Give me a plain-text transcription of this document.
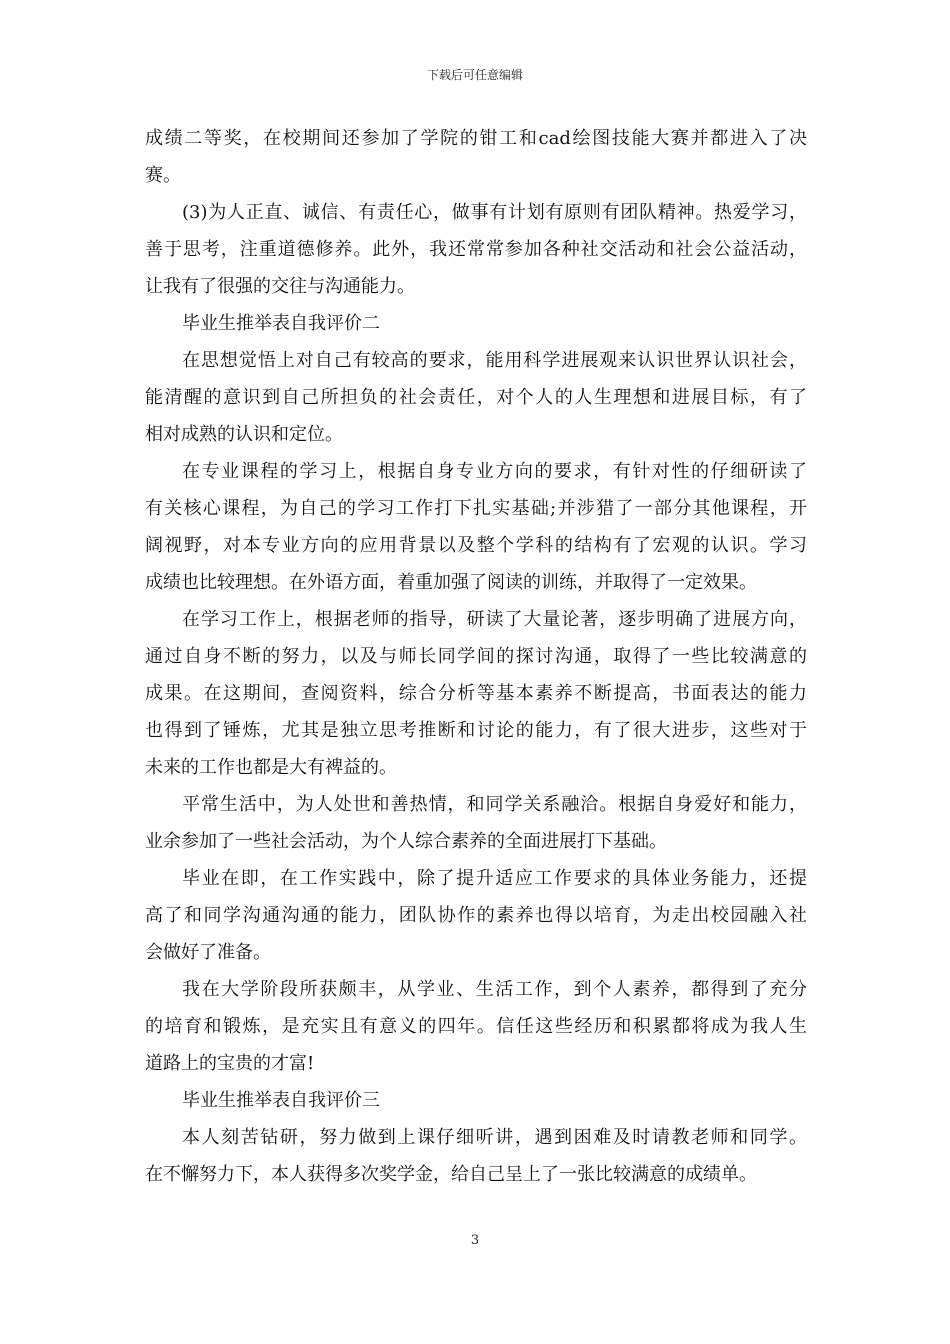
下载后可任意编辑
成绩二等奖，在校期间还参加了学院的钳工和cad绘图技能大赛并都进入了决
赛。
(3)为人正直、诚信、有责任心，做事有计划有原则有团队精神。热爱学习，
善于思考，注重道德修养。此外，我还常常参加各种社交活动和社会公益活动，
让我有了很强的交往与沟通能力。
毕业生推举表自我评价二
在思想觉悟上对自己有较高的要求，能用科学进展观来认识世界认识社会，
能清醒的意识到自己所担负的社会责任，对个人的人生理想和进展目标，有了
相对成熟的认识和定位。
在专业课程的学习上，根据自身专业方向的要求，有针对性的仔细研读了
有关核心课程，为自己的学习工作打下扎实基础;并涉猎了一部分其他课程，开
阔视野，对本专业方向的应用背景以及整个学科的结构有了宏观的认识。学习
成绩也比较理想。在外语方面，着重加强了阅读的训练，并取得了一定效果。
在学习工作上，根据老师的指导，研读了大量论著，逐步明确了进展方向，
通过自身不断的努力，以及与师长同学间的探讨沟通，取得了一些比较满意的
成果。在这期间，查阅资料，综合分析等基本素养不断提高，书面表达的能力
也得到了锤炼，尤其是独立思考推断和讨论的能力，有了很大进步，这些对于
未来的工作也都是大有裨益的。
平常生活中，为人处世和善热情，和同学关系融洽。根据自身爱好和能力，
业余参加了一些社会活动，为个人综合素养的全面进展打下基础。
毕业在即，在工作实践中，除了提升适应工作要求的具体业务能力，还提
高了和同学沟通沟通的能力，团队协作的素养也得以培育，为走出校园融入社
会做好了准备。
我在大学阶段所获颇丰，从学业、生活工作，到个人素养，都得到了充分
的培育和锻炼，是充实且有意义的四年。信任这些经历和积累都将成为我人生
道路上的宝贵的才富!
毕业生推举表自我评价三
本人刻苦钻研，努力做到上课仔细听讲，遇到困难及时请教老师和同学。
在不懈努力下，本人获得多次奖学金，给自己呈上了一张比较满意的成绩单。
3
